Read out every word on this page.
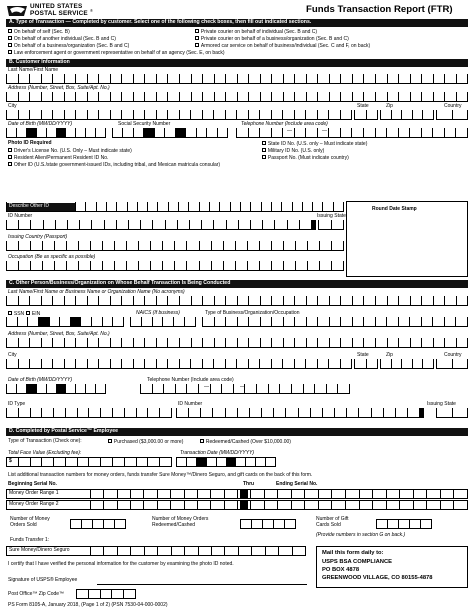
UNITED STATES
POSTAL SERVICE ®	Funds Transaction Report (FTR)
A. Type of Transaction — Completed by customer. Select one of the following check boxes, then fill out indicated sections.
On behalf of self (Sec. B)	Private courier on behalf of individual (Sec. B and C)
On behalf of another individual (Sec. B and C)	Private courier on behalf of a business/organization (Sec. B and C)
On behalf of a business/organization (Sec. B and C)	Armored car service on behalf of business/individual (Sec. C and F, on back)
Law enforcement agent or government representative on behalf of an agency (Sec. E, on back)
B. Customer Information
Last Name/First Name
Address (Number, Street, Box, Suite/Apt. No.)
City	State	Zip	Country
Date of Birth (MM/DD/YYYY)	Social Security Number	Telephone Number (Include area code)
—	—
Photo ID Required
Driver's License No. (U.S. Only – Must indicate state)
Resident Alien/Permanent Resident ID No.
Other ID (U.S./state government-issued IDs, including tribal, and Mexican matricula consular)
State ID No. (U.S. only – Must indicate state)
Military ID No. (U.S. only)
Passport No. (Must indicate country)
Describe Other ID
ID Number	Issuing State
Issuing Country (Passport)
Occupation (Be as specific as possible)
Round Date Stamp
C. Other Person/Business/Organization on Whose Behalf Transaction Is Being Conducted
Last Name/First Name or Business Name or Organization Name (No acronyms)
SSN	EIN	NAICS (If business)	Type of Business/Organization/Occupation
Address (Number, Street, Box, Suite/Apt. No.)
City	State	Zip	Country
Date of Birth (MM/DD/YYYY)	Telephone Number (Include area code)
—	—
ID Type	ID Number	Issuing State
D. Completed by Postal Service™ Employee
Type of Transaction (Check one):	Purchased ($3,000.00 or more)	Redeemed/Cashed (Over $10,000.00)
Total Face Value (Excluding fee):	Transaction Date (MM/DD/YYYY)
$
List additional transaction numbers for money orders, funds transfer Sure Money™/Dinero Seguro, and gift cards on the back of this form.
Beginning Serial No.	Thru	Ending Serial No.
Money Order Range 1
Money Order Range 2
Number of Money
Orders Sold
Number of Money Orders
Redeemed/Cashed
Number of Gift
Cards Sold
(Provide numbers in section G on back.)
Funds Transfer 1:
Sure Money/Dinero Seguro
I certify that I have verified the personal information for the customer by examining the photo ID noted.
Signature of USPS® Employee
Post Office™ Zip Code™
Mail this form daily to:
USPS BSA COMPLIANCE
PO BOX 4878
GREENWOOD VILLAGE, CO 80155-4878
PS Form 8105-A, January 2018, (Page 1 of 2) (PSN 7530-04-000-0002)
